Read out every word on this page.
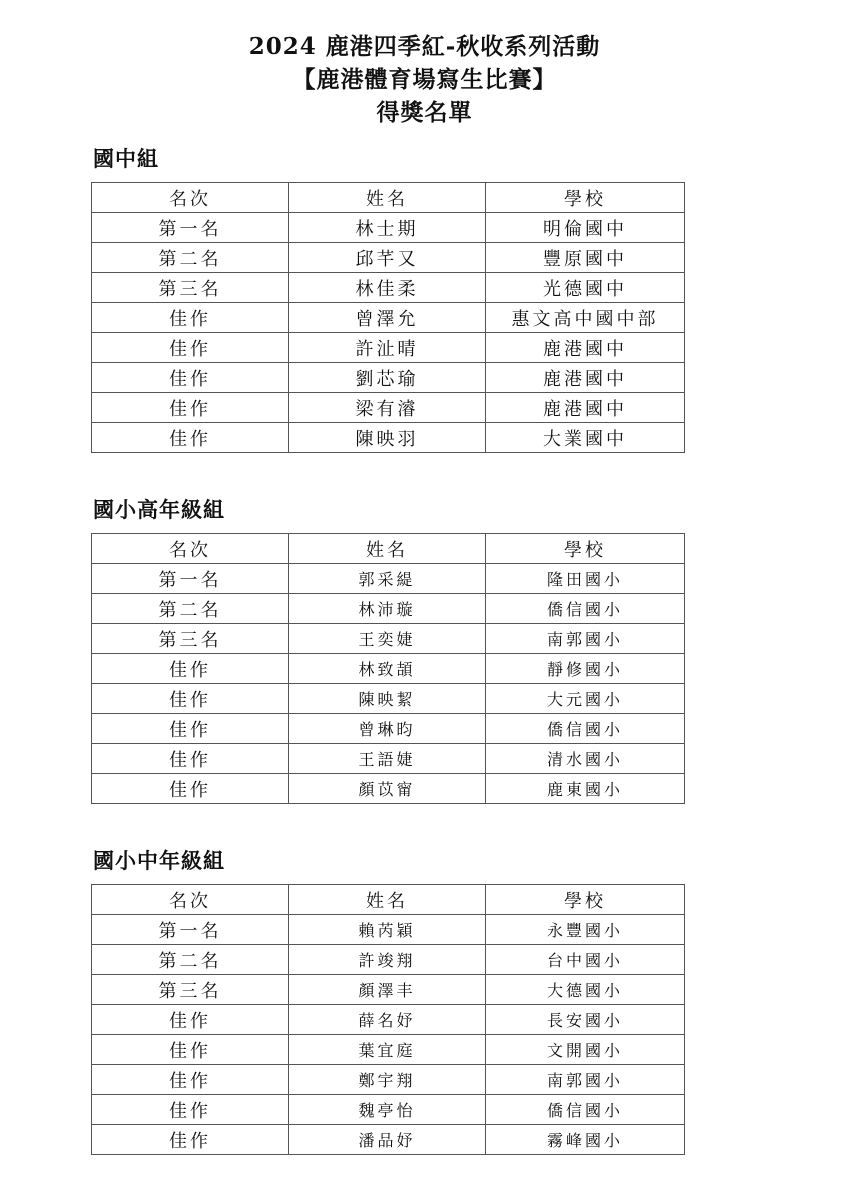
2024 鹿港四季紅-秋收系列活動
【鹿港體育場寫生比賽】
得獎名單
國中組
名次	姓名	學校
第一名	林士期	明倫國中
第二名	邱芊又	豐原國中
第三名	林佳柔	光德國中
佳作	曾澤允	惠文高中國中部
佳作	許沚晴	鹿港國中
佳作	劉芯瑜	鹿港國中
佳作	梁有濬	鹿港國中
佳作	陳映羽	大業國中
國小高年級組
名次	姓名	學校
第一名	郭采緹	隆田國小
第二名	林沛璇	僑信國小
第三名	王奕婕	南郭國小
佳作	林致頡	靜修國小
佳作	陳映絜	大元國小
佳作	曾琳昀	僑信國小
佳作	王語婕	清水國小
佳作	顏苡甯	鹿東國小
國小中年級組
名次	姓名	學校
第一名	賴芮穎	永豐國小
第二名	許竣翔	台中國小
第三名	顏澤丰	大德國小
佳作	薛名妤	長安國小
佳作	葉宜庭	文開國小
佳作	鄭宇翔	南郭國小
佳作	魏亭怡	僑信國小
佳作	潘品妤	霧峰國小
